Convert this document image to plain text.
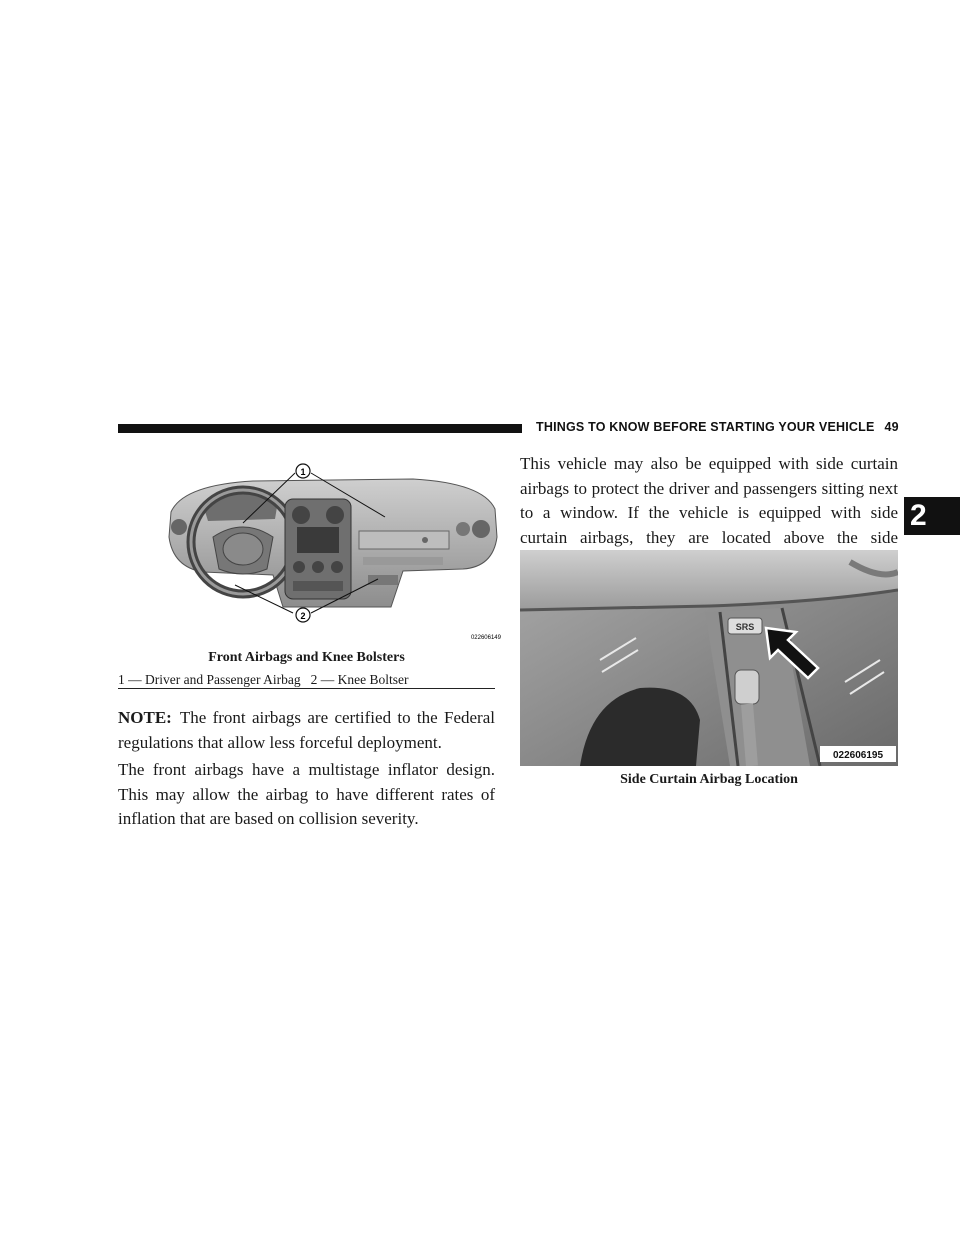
THINGS TO KNOW BEFORE STARTING YOUR VEHICLE 49
2
1
2
022606149
Front Airbags and Knee Bolsters
1 — Driver and Passenger Airbag 2 — Knee Boltser
NOTE: The front airbags are certified to the Federal regulations that allow less forceful deployment.
The front airbags have a multistage inflator design. This may allow the airbag to have different rates of inflation that are based on collision severity.
This vehicle may also be equipped with side curtain airbags to protect the driver and passengers sitting next to a window. If the vehicle is equipped with side curtain airbags, they are located above the side
SRS
022606195
Side Curtain Airbag Location
